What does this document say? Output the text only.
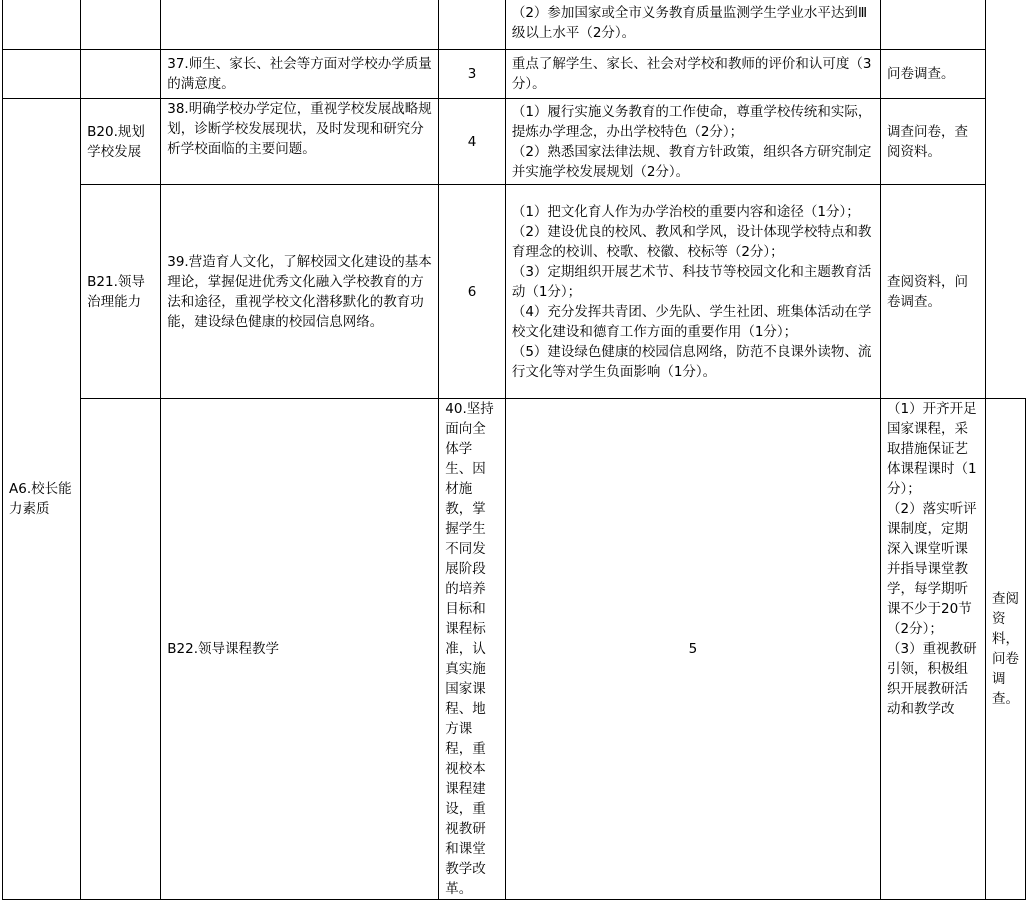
				（2）参加国家或全市义务教育质量监测学生学业水平达到Ⅲ级以上水平（2分）。		

		37.师生、家长、社会等方面对学校办学质量的满意度。	3	重点了解学生、家长、社会对学校和教师的评价和认可度（3分）。	问卷调查。	
A6.校长能力素质	B20.规划学校发展	38.明确学校办学定位，重视学校发展战略规划，诊断学校发展现状，及时发现和研究分析学校面临的主要问题。	4	（1）履行实施义务教育的工作使命，尊重学校传统和实际，提炼办学理念，办出学校特色（2分）；
（2）熟悉国家法律法规、教育方针政策，组织各方研究制定并实施学校发展规划（2分）。	调查问卷，查阅资料。	
	B21.领导治理能力	39.营造育人文化，了解校园文化建设的基本理论，掌握促进优秀文化融入学校教育的方法和途径，重视学校文化潜移默化的教育功能，建设绿色健康的校园信息网络。	6	（1）把文化育人作为办学治校的重要内容和途径（1分）；
（2）建设优良的校风、教风和学风，设计体现学校特点和教育理念的校训、校歌、校徽、校标等（2分）；
（3）定期组织开展艺术节、科技节等校园文化和主题教育活动（1分）；
（4）充分发挥共青团、少先队、学生社团、班集体活动在学校文化建设和德育工作方面的重要作用（1分）；
（5）建设绿色健康的校园信息网络，防范不良课外读物、流行文化等对学生负面影响（1分）。	查阅资料，问卷调查。	
		B22.领导课程教学	40.坚持面向全体学生、因材施教，掌握学生不同发展阶段的培养目标和课程标准，认真实施国家课程、地方课程，重视校本课程建设，重视教研和课堂教学改革。	5	（1）开齐开足国家课程，采取措施保证艺体课程课时（1分）；
（2）落实听评课制度，定期深入课堂听课并指导课堂教学，每学期听课不少于20节（2分）；
（3）重视教研引领，积极组织开展教研活动和教学改	查阅资料，问卷调查。
